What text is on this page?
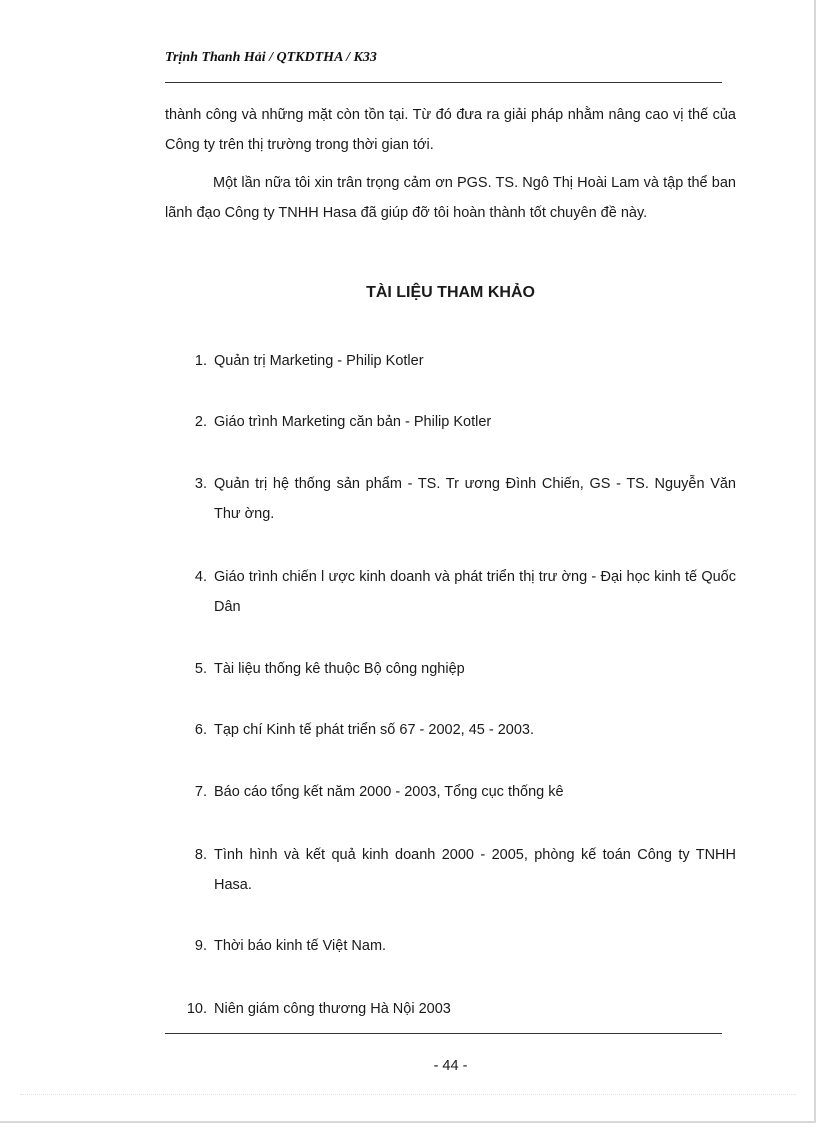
Trịnh Thanh Hải / QTKDTHA / K33

thành công và những mặt còn tồn tại. Từ đó đưa ra giải pháp nhằm nâng cao vị thế của Công ty trên thị trường trong thời gian tới.

Một lần nữa tôi xin trân trọng cảm ơn PGS. TS. Ngô Thị Hoài Lam và tập thể ban lãnh đạo Công ty TNHH Hasa đã giúp đỡ tôi hoàn thành tốt chuyên đề này.

TÀI LIỆU THAM KHẢO
1. Quản trị Marketing - Philip Kotler
2. Giáo trình Marketing căn bản - Philip Kotler
3. Quản trị hệ thống sản phẩm - TS. Tr ương Đình Chiến, GS - TS. Nguyễn Văn Thư ờng.
4. Giáo trình chiến l ược kinh doanh và phát triển thị trư ờng - Đại học kinh tế Quốc Dân
5. Tài liệu thống kê thuộc Bộ công nghiệp
6. Tạp chí Kinh tế phát triển số 67 - 2002, 45 - 2003.
7. Báo cáo tổng kết năm 2000 - 2003, Tổng cục thống kê
8. Tình hình và kết quả kinh doanh 2000 - 2005, phòng kế toán Công ty TNHH Hasa.
9. Thời báo kinh tế Việt Nam.
10. Niên giám công thương Hà Nội 2003
- 44 -
